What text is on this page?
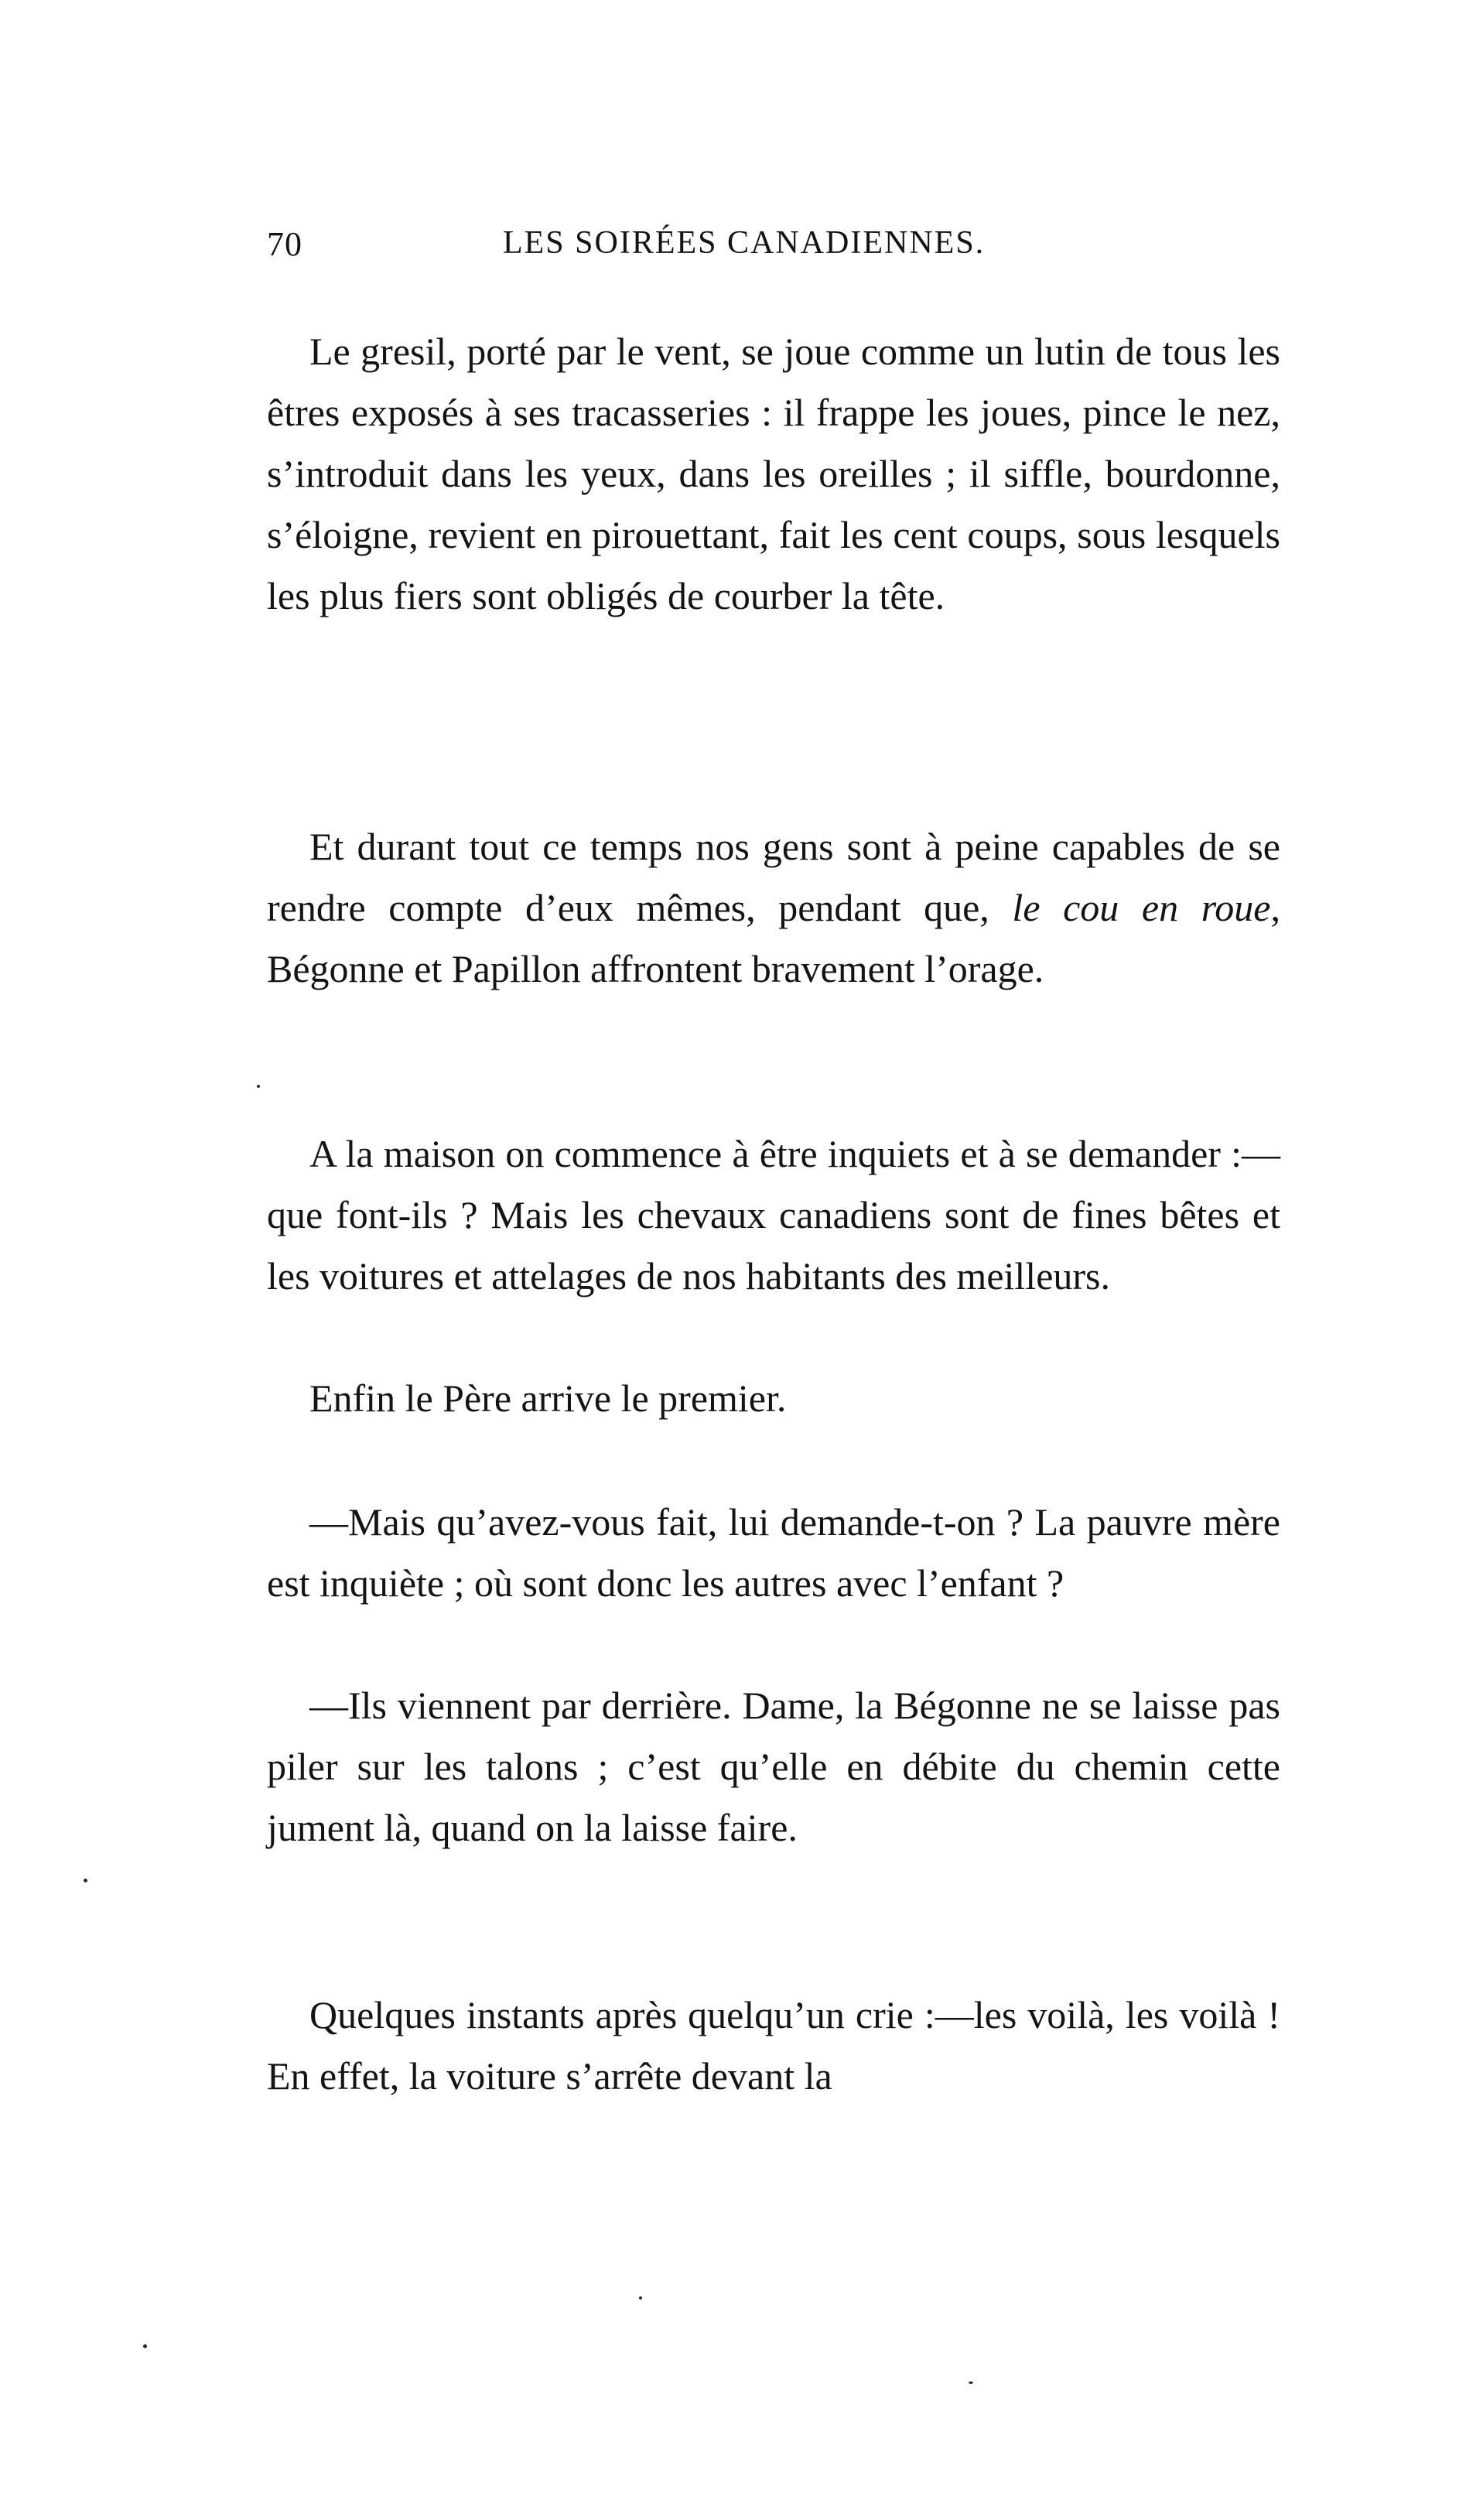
70	LES SOIRÉES CANADIENNES.

Le gresil, porté par le vent, se joue comme un lutin de tous les êtres exposés à ses tracasseries : il frappe les joues, pince le nez, s’introduit dans les yeux, dans les oreilles ; il siffle, bourdonne, s’éloigne, revient en pirouettant, fait les cent coups, sous lesquels les plus fiers sont obligés de courber la tête.

Et durant tout ce temps nos gens sont à peine capables de se rendre compte d’eux mêmes, pendant que, le cou en roue, Bégonne et Papillon affrontent bravement l’orage.

A la maison on commence à être inquiets et à se demander :—que font-ils ? Mais les chevaux canadiens sont de fines bêtes et les voitures et attelages de nos habitants des meilleurs.

Enfin le Père arrive le premier.

—Mais qu’avez-vous fait, lui demande-t-on ? La pauvre mère est inquiète ; où sont donc les autres avec l’enfant ?

—Ils viennent par derrière. Dame, la Bégonne ne se laisse pas piler sur les talons ; c’est qu’elle en débite du chemin cette jument là, quand on la laisse faire.

Quelques instants après quelqu’un crie :—les voilà, les voilà ! En effet, la voiture s’arrête devant la
